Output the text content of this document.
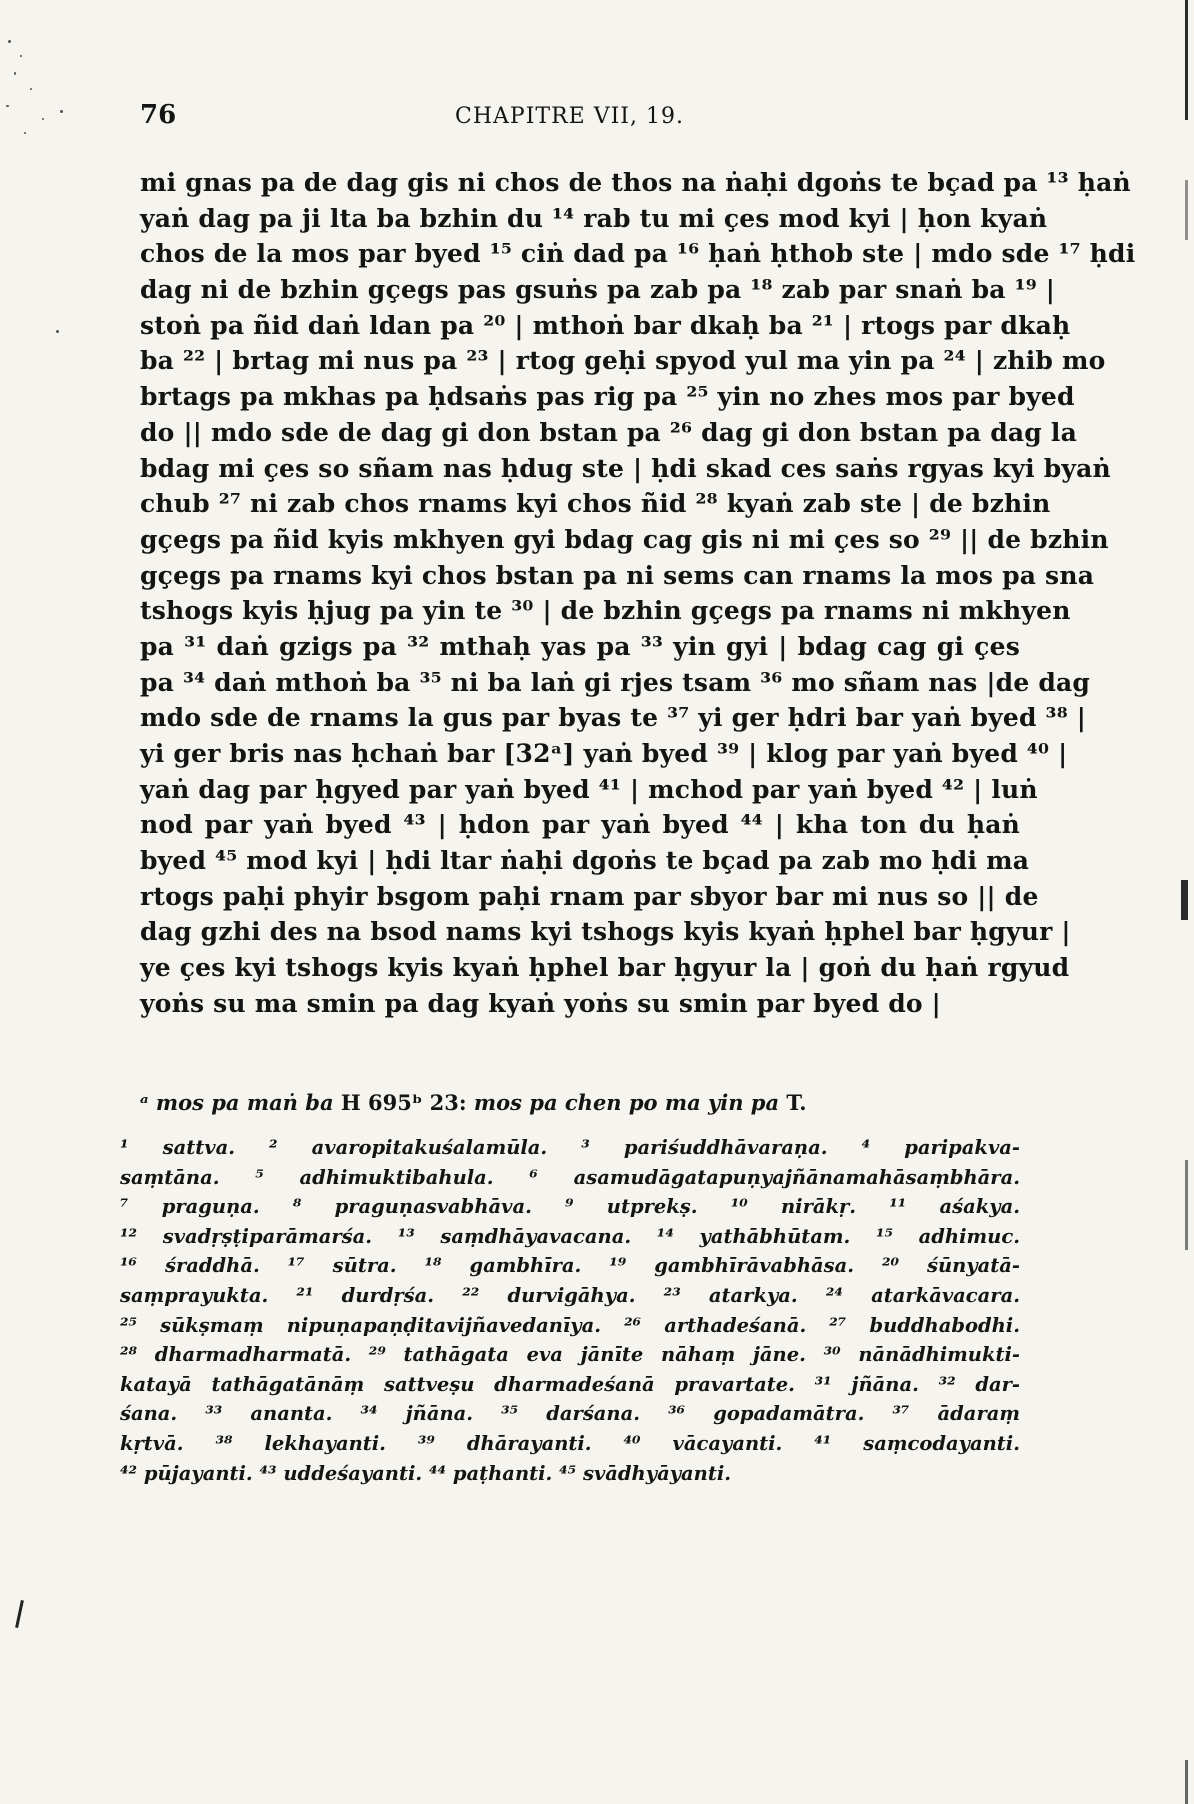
76	CHAPITRE VII, 19.
mi gnas pa de dag gis ni chos de thos na ṅaḥi dgoṅs te bçad pa ¹³ ḥaṅ
yaṅ dag pa ji lta ba bzhin du ¹⁴ rab tu mi çes mod kyi | ḥon kyaṅ
chos de la mos par byed ¹⁵ ciṅ dad pa ¹⁶ ḥaṅ ḥthob ste | mdo sde ¹⁷ ḥdi
dag ni de bzhin gçegs pas gsuṅs pa zab pa ¹⁸ zab par snaṅ ba ¹⁹ |
stoṅ pa ñid daṅ ldan pa ²⁰ | mthoṅ bar dkaḥ ba ²¹ | rtogs par dkaḥ
ba ²² | brtag mi nus pa ²³ | rtog geḥi spyod yul ma yin pa ²⁴ | zhib mo
brtags pa mkhas pa ḥdsaṅs pas rig pa ²⁵ yin no zhes mos par byed
do || mdo sde de dag gi don bstan pa ²⁶ dag gi don bstan pa dag la
bdag mi çes so sñam nas ḥdug ste | ḥdi skad ces saṅs rgyas kyi byaṅ
chub ²⁷ ni zab chos rnams kyi chos ñid ²⁸ kyaṅ zab ste | de bzhin
gçegs pa ñid kyis mkhyen gyi bdag cag gis ni mi çes so ²⁹ || de bzhin
gçegs pa rnams kyi chos bstan pa ni sems can rnams la mos pa sna
tshogs kyis ḥjug pa yin te ³⁰ | de bzhin gçegs pa rnams ni mkhyen
pa ³¹ daṅ gzigs pa ³² mthaḥ yas pa ³³ yin gyi | bdag cag gi çes
pa ³⁴ daṅ mthoṅ ba ³⁵ ni ba laṅ gi rjes tsam ³⁶ mo sñam nas |de dag
mdo sde de rnams la gus par byas te ³⁷ yi ger ḥdri bar yaṅ byed ³⁸ |
yi ger bris nas ḥchaṅ bar [32ᵃ] yaṅ byed ³⁹ | klog par yaṅ byed ⁴⁰ |
yaṅ dag par ḥgyed par yaṅ byed ⁴¹ | mchod par yaṅ byed ⁴² | luṅ
nod par yaṅ byed ⁴³ | ḥdon par yaṅ byed ⁴⁴ | kha ton du ḥaṅ
byed ⁴⁵ mod kyi | ḥdi ltar ṅaḥi dgoṅs te bçad pa zab mo ḥdi ma
rtogs paḥi phyir bsgom paḥi rnam par sbyor bar mi nus so || de
dag gzhi des na bsod nams kyi tshogs kyis kyaṅ ḥphel bar ḥgyur |
ye çes kyi tshogs kyis kyaṅ ḥphel bar ḥgyur la | goṅ du ḥaṅ rgyud
yoṅs su ma smin pa dag kyaṅ yoṅs su smin par byed do |
ᵃ mos pa maṅ ba H 695ᵇ 23: mos pa chen po ma yin pa T.
¹ sattva. ² avaropitakuśalamūla. ³ pariśuddhāvaraṇa. ⁴ paripakva-
saṃtāna. ⁵ adhimuktibahula. ⁶ asamudāgatapuṇyajñānamahāsaṃbhāra.
⁷ praguṇa. ⁸ praguṇasvabhāva. ⁹ utprekṣ. ¹⁰ nirākṛ. ¹¹ aśakya.
¹² svadṛṣṭiparāmarśa. ¹³ saṃdhāyavacana. ¹⁴ yathābhūtam. ¹⁵ adhimuc.
¹⁶ śraddhā. ¹⁷ sūtra. ¹⁸ gambhīra. ¹⁹ gambhīrāvabhāsa. ²⁰ śūnyatā-
saṃprayukta. ²¹ durdṛśa. ²² durvigāhya. ²³ atarkya. ²⁴ atarkāvacara.
²⁵ sūkṣmaṃ nipuṇapaṇḍitavijñavedanīya. ²⁶ arthadeśanā. ²⁷ buddhabodhi.
²⁸ dharmadharmatā. ²⁹ tathāgata eva jānīte nāhaṃ jāne. ³⁰ nānādhimukti-
katayā tathāgatānāṃ sattveṣu dharmadeśanā pravartate. ³¹ jñāna. ³² dar-
śana. ³³ ananta. ³⁴ jñāna. ³⁵ darśana. ³⁶ gopadamātra. ³⁷ ādaraṃ
kṛtvā. ³⁸ lekhayanti. ³⁹ dhārayanti. ⁴⁰ vācayanti. ⁴¹ saṃcodayanti.
⁴² pūjayanti. ⁴³ uddeśayanti. ⁴⁴ paṭhanti. ⁴⁵ svādhyāyanti.
